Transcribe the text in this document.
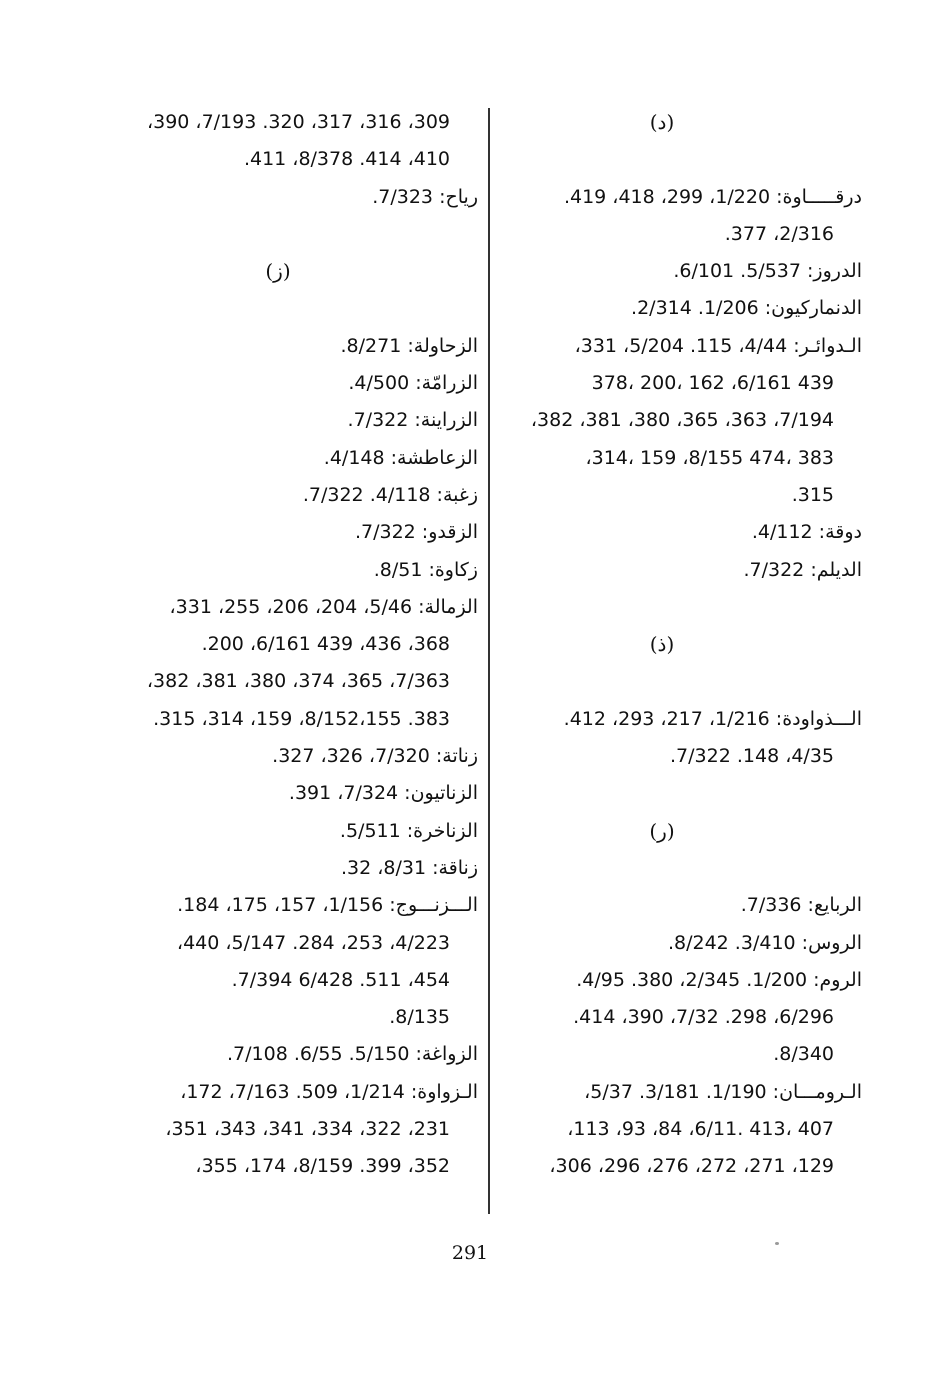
(د)
درقـــــاوة: 1/220، 299، 418، 419.
2/316، 377.
الدروز: 5/537. 6/101.
الدنماركيون: 1/206. 2/314.
الـدوائـر: 4/44، 115. 5/204، 331،
439 6/161، 162 ،200 ،378
7/194، 363، 365، 380، 381، 382،
383 ،474 8/155، 159 ،314،
315.
دوقة: 4/112.
الديلم: 7/322.
(ذ)
الـــذواودة: 1/216، 217، 293، 412.
4/35، 148. 7/322.
(ر)
الربايع: 7/336.
الروس: 3/410. 8/242.
الروم: 1/200. 2/345، 380. 4/95.
6/296، 298. 7/32، 390، 414.
8/340.
الـرومـــان: 1/190. 3/181. 5/37،
407 ،413 .6/11، 84، 93، 113،
129، 271، 272، 276، 296، 306،
309، 316، 317، 320. 7/193، 390،
410، 414. 8/378، 411.
رياح: 7/323.
(ز)
الزحاولة: 8/271.
الزرامّة: 4/500.
الزراينة: 7/322.
الزعاطشة: 4/148.
زغبة: 4/118. 7/322.
الزقدو: 7/322.
زكاوة: 8/51.
الزمالة: 5/46، 204، 206، 255، 331،
368، 436، 439 6/161، 200.
7/363، 365، 374، 380، 381، 382،
383. 8/152،155، 159، 314، 315.
زناتة: 7/320، 326، 327.
الزناتيون: 7/324، 391.
الزناخرة: 5/511.
زناقة: 8/31، 32.
الـــزنـــوج: 1/156، 157، 175، 184.
4/223، 253، 284. 5/147، 440،
454، 511. 6/428 7/394.
8/135.
الزواغة: 5/150. 6/55. 7/108.
الـزواوة: 1/214، 509. 7/163، 172،
231، 322، 334، 341، 343، 351،
352، 399. 8/159، 174، 355،
291
